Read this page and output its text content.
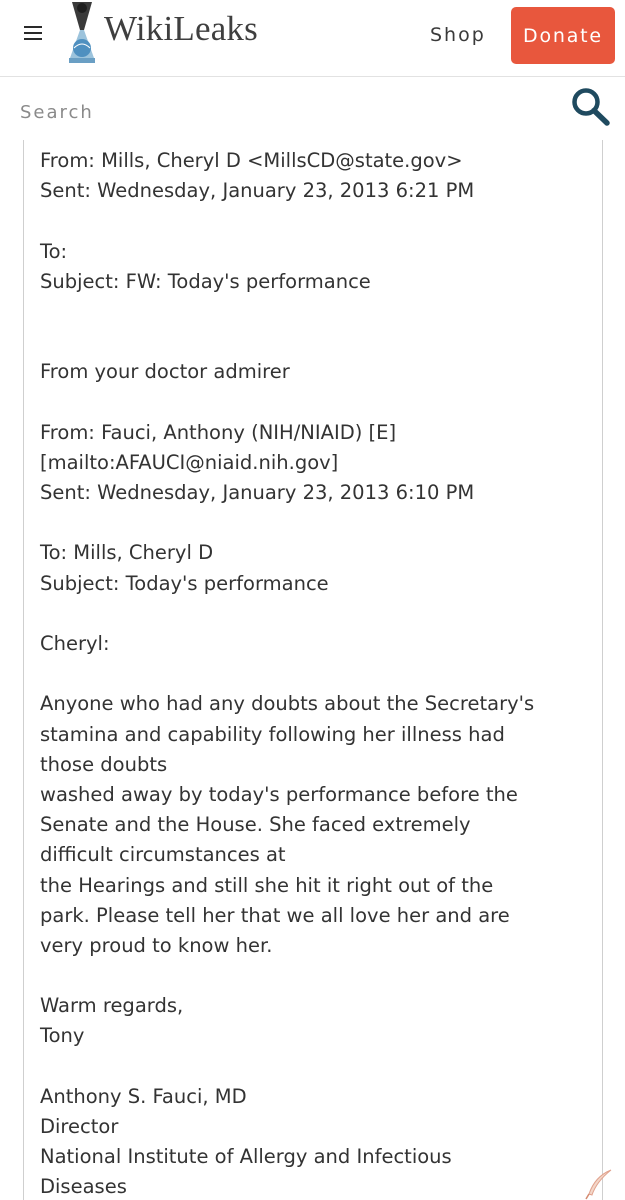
WikiLeaks	Shop	Donate
Search
From: Mills, Cheryl D <MillsCD@state.gov>
Sent: Wednesday, January 23, 2013 6:21 PM
To:
Subject: FW: Today's performance
From your doctor admirer
From: Fauci, Anthony (NIH/NIAID) [E]
[mailto:AFAUCI@niaid.nih.gov]
Sent: Wednesday, January 23, 2013 6:10 PM
To: Mills, Cheryl D
Subject: Today's performance
Cheryl:
Anyone who had any doubts about the Secretary's
stamina and capability following her illness had
those doubts
washed away by today's performance before the
Senate and the House. She faced extremely
difficult circumstances at
the Hearings and still she hit it right out of the
park. Please tell her that we all love her and are
very proud to know her.
Warm regards,
Tony
Anthony S. Fauci, MD
Director
National Institute of Allergy and Infectious
Diseases
